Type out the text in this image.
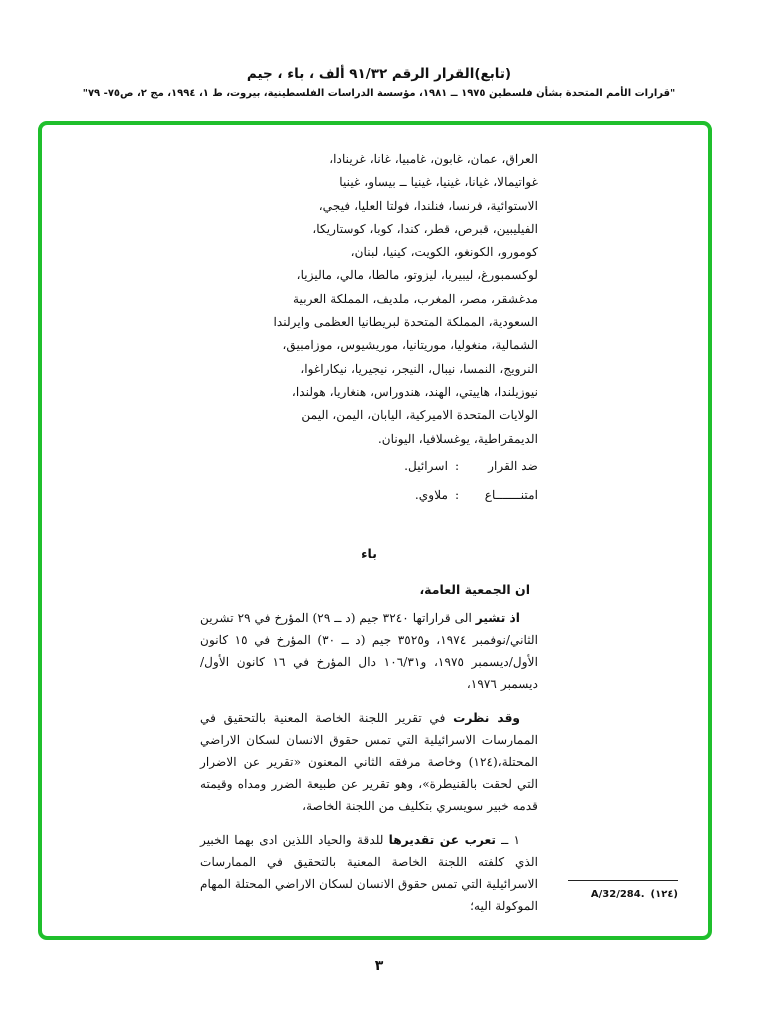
(تابع)القرار الرقم ٩١/٣٢ ألف ، باء ، جيم
"قرارات الأمم المتحدة بشأن فلسطين ١٩٧٥ ــ ١٩٨١، مؤسسة الدراسات الفلسطينية، بيروت، ط ١، ١٩٩٤، مج ٢، ص٧٥- ٧٩"
العراق، عمان، غابون، غامبيا، غانا، غرينادا،
غواتيمالا، غيانا، غينيا، غينيا ــ بيساو، غينيا
الاستوائية، فرنسا، فنلندا، فولتا العليا، فيجي،
الفيليبين، قبرص، قطر، كندا، كوبا، كوستاريكا،
كومورو، الكونغو، الكويت، كينيا، لبنان،
لوكسمبورغ، ليبيريا، ليزوتو، مالطا، مالي، ماليزيا،
مدغشقر، مصر، المغرب، ملديف، المملكة العربية
السعودية، المملكة المتحدة لبريطانيا العظمى وايرلندا
الشمالية، منغوليا، موريتانيا، موريشيوس، موزامبيق،
النرويج، النمسا، نيبال، النيجر، نيجيريا، نيكاراغوا،
نيوزيلندا، هاييتي، الهند، هندوراس، هنغاريا، هولندا،
الولايات المتحدة الاميركية، اليابان، اليمن، اليمن
الديمقراطية، يوغسلافيا، اليونان.
ضد القرار
:
اسرائيل.
امتنـــــــاع
:
ملاوي.
باء
ان الجمعية العامة،

اذ تشير الى قراراتها ٣٢٤٠ جيم (د ــ ٢٩) المؤرخ في ٢٩ تشرين الثاني/نوفمبر ١٩٧٤، و٣٥٢٥ جيم (د ــ ٣٠) المؤرخ في ١٥ كانون الأول/ديسمبر ١٩٧٥، و١٠٦/٣١ دال المؤرخ في ١٦ كانون الأول/ ديسمبر ١٩٧٦،

وقد نظرت في تقرير اللجنة الخاصة المعنية بالتحقيق في الممارسات الاسرائيلية التي تمس حقوق الانسان لسكان الاراضي المحتلة،(١٢٤) وخاصة مرفقه الثاني المعنون «تقرير عن الاضرار التي لحقت بالقنيطرة»، وهو تقرير عن طبيعة الضرر ومداه وقيمته قدمه خبير سويسري بتكليف من اللجنة الخاصة،

١ ــ تعرب عن تقديرها للدقة والحياد اللذين ادى بهما الخبير الذي كلفته اللجنة الخاصة المعنية بالتحقيق في الممارسات الاسرائيلية التي تمس حقوق الانسان لسكان الاراضي المحتلة المهام الموكولة اليه؛

(١٢٤)A/32/284.
٣
